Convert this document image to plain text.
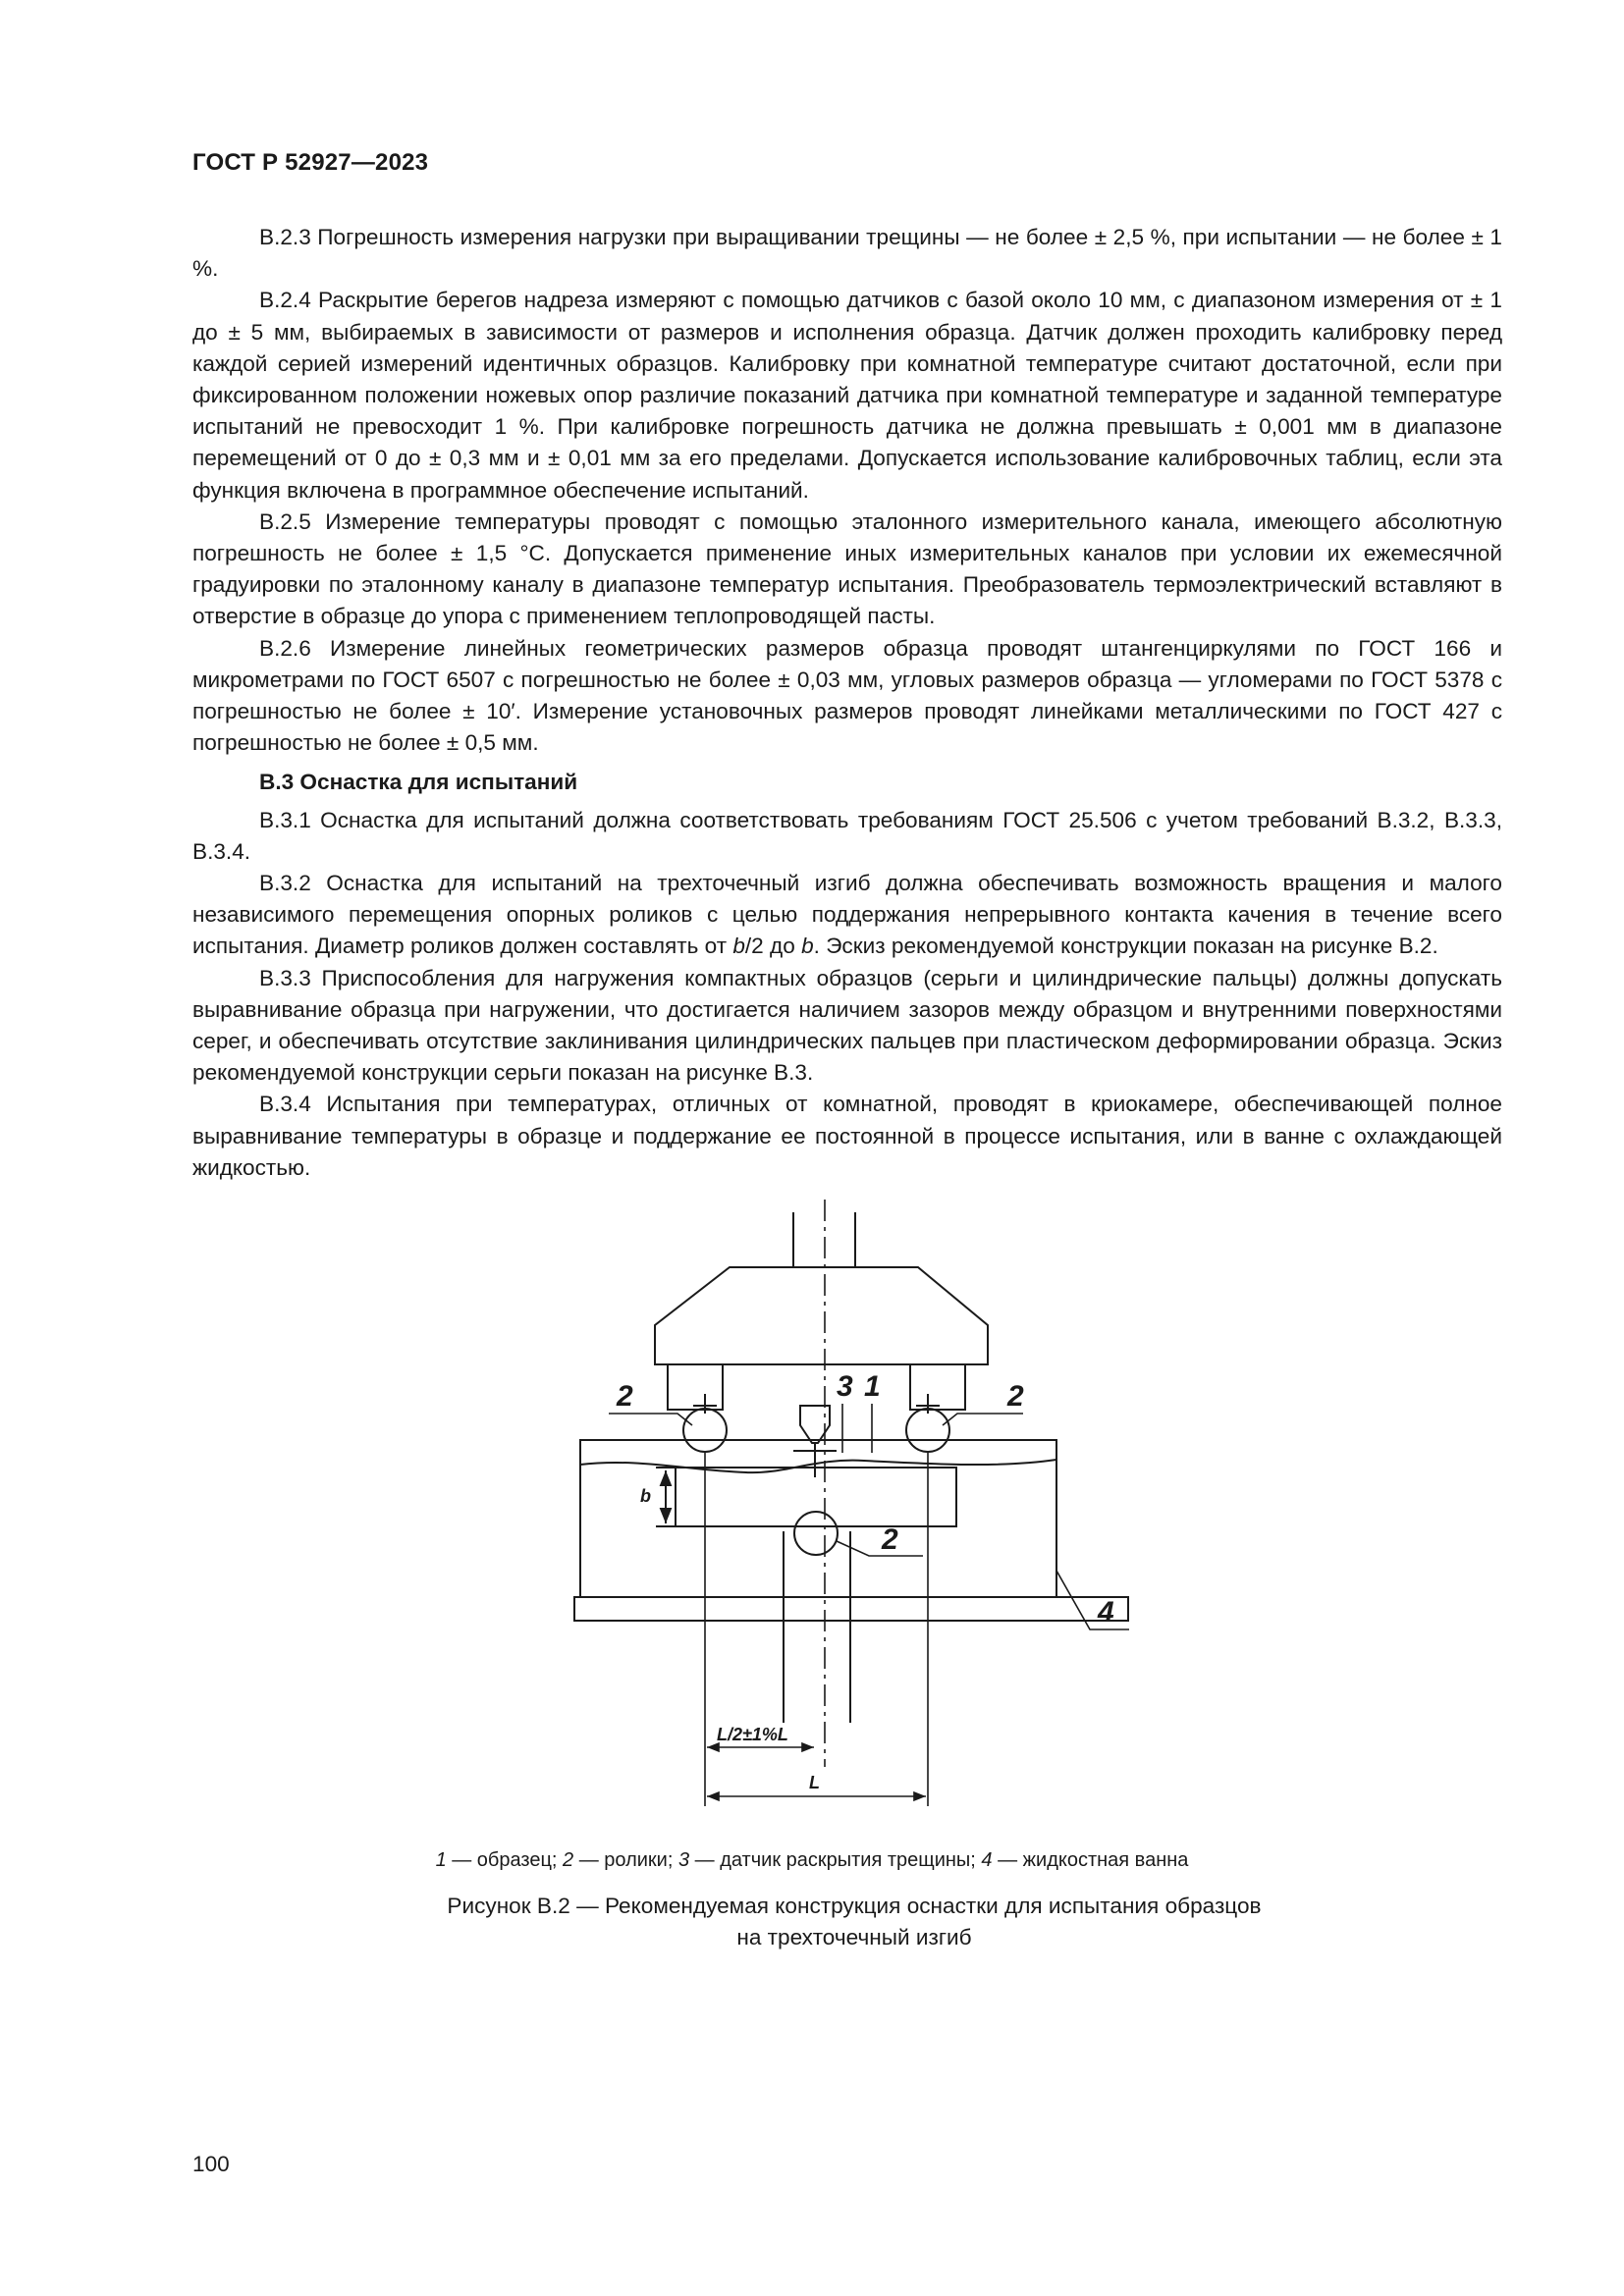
ГОСТ Р 52927—2023

В.2.3 Погрешность измерения нагрузки при выращивании трещины — не более ± 2,5 %, при испытании — не более ± 1 %.

В.2.4 Раскрытие берегов надреза измеряют с помощью датчиков с базой около 10 мм, с диапазоном измерения от ± 1 до ± 5 мм, выбираемых в зависимости от размеров и исполнения образца. Датчик должен проходить калибровку перед каждой серией измерений идентичных образцов. Калибровку при комнатной температуре считают достаточной, если при фиксированном положении ножевых опор различие показаний датчика при комнатной температуре и заданной температуре испытаний не превосходит 1 %. При калибровке погрешность датчика не должна превышать ± 0,001 мм в диапазоне перемещений от 0 до ± 0,3 мм и ± 0,01 мм за его пределами. Допускается использование калибровочных таблиц, если эта функция включена в программное обеспечение испытаний.

В.2.5 Измерение температуры проводят с помощью эталонного измерительного канала, имеющего абсолютную погрешность не более ± 1,5 °С. Допускается применение иных измерительных каналов при условии их ежемесячной градуировки по эталонному каналу в диапазоне температур испытания. Преобразователь термоэлектрический вставляют в отверстие в образце до упора с применением теплопроводящей пасты.

В.2.6 Измерение линейных геометрических размеров образца проводят штангенциркулями по ГОСТ 166 и микрометрами по ГОСТ 6507 с погрешностью не более ± 0,03 мм, угловых размеров образца — угломерами по ГОСТ 5378 с погрешностью не более ± 10′. Измерение установочных размеров проводят линейками металлическими по ГОСТ 427 с погрешностью не более ± 0,5 мм.

В.3 Оснастка для испытаний

В.3.1 Оснастка для испытаний должна соответствовать требованиям ГОСТ 25.506 с учетом требований В.3.2, В.3.3, В.3.4.

В.3.2 Оснастка для испытаний на трехточечный изгиб должна обеспечивать возможность вращения и малого независимого перемещения опорных роликов с целью поддержания непрерывного контакта качения в течение всего испытания. Диаметр роликов должен составлять от b/2 до b. Эскиз рекомендуемой конструкции показан на рисунке В.2.

В.3.3 Приспособления для нагружения компактных образцов (серьги и цилиндрические пальцы) должны допускать выравнивание образца при нагружении, что достигается наличием зазоров между образцом и внутренними поверхностями серег, и обеспечивать отсутствие заклинивания цилиндрических пальцев при пластическом деформировании образца. Эскиз рекомендуемой конструкции серьги показан на рисунке В.3.

В.3.4 Испытания при температурах, отличных от комнатной, проводят в криокамере, обеспечивающей полное выравнивание температуры в образце и поддержание ее постоянной в процессе испытания, или в ванне с охлаждающей жидкостью.

2	2
3 1
2
4
b
L/2±1%L
L
1 — образец; 2 — ролики; 3 — датчик раскрытия трещины; 4 — жидкостная ванна
Рисунок В.2 — Рекомендуемая конструкция оснастки для испытания образцов
на трехточечный изгиб
100
